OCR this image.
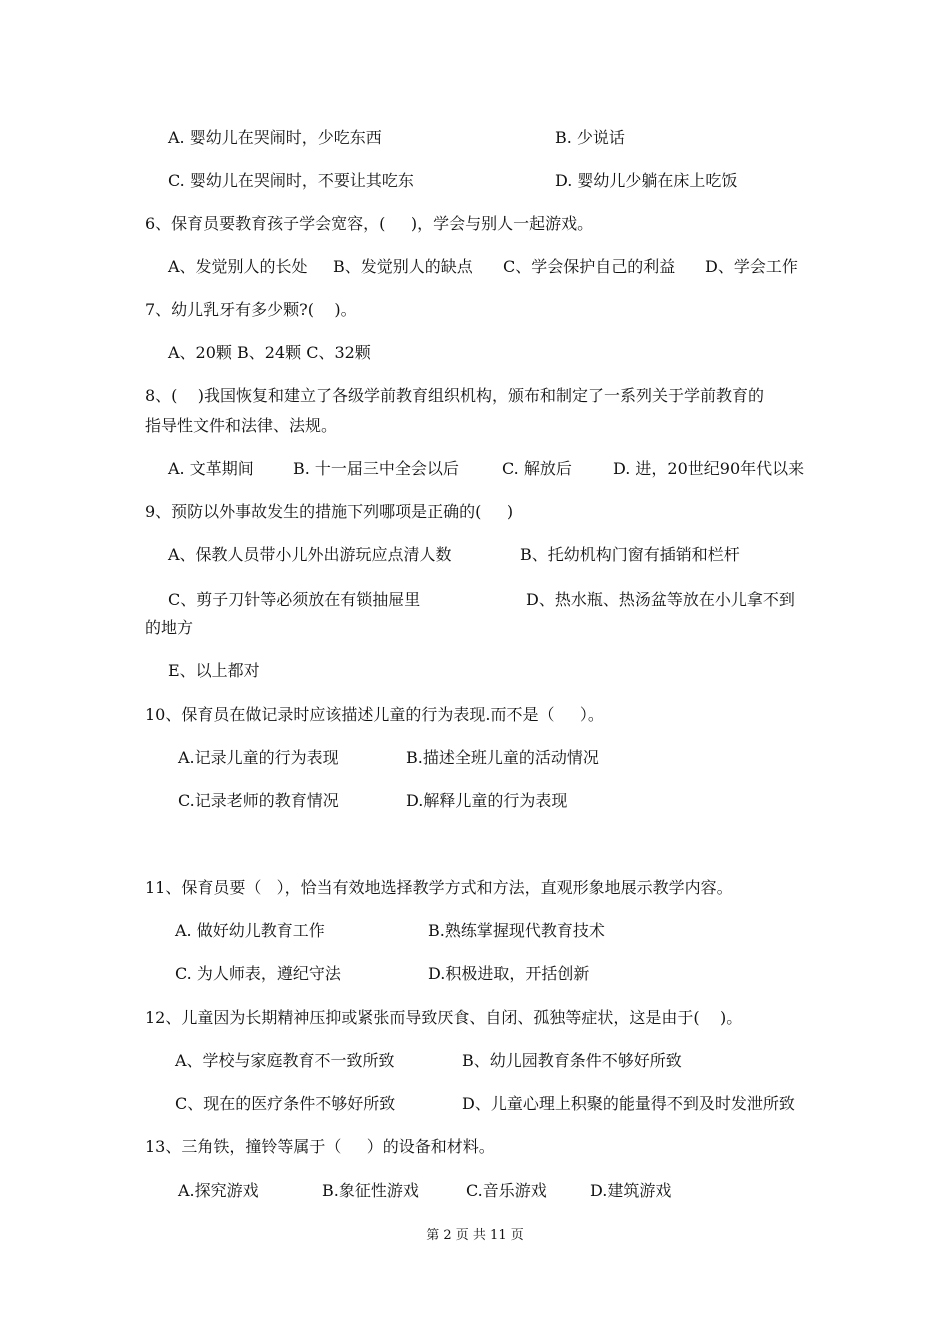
A. 婴幼儿在哭闹时，少吃东西	B. 少说话
C. 婴幼儿在哭闹时，不要让其吃东	D. 婴幼儿少躺在床上吃饭
6、保育员要教育孩子学会宽容，(     )，学会与别人一起游戏。
A、发觉别人的长处 B、发觉别人的缺点 C、学会保护自己的利益 D、学会工作
7、幼儿乳牙有多少颗?(    )。
A、20颗 B、24颗 C、32颗
8、(    )我国恢复和建立了各级学前教育组织机构，颁布和制定了一系列关于学前教育的
指导性文件和法律、法规。
A. 文革期间 B. 十一届三中全会以后	C. 解放后	D. 进，20世纪90年代以来
9、预防以外事故发生的措施下列哪项是正确的(     )
A、保教人员带小儿外出游玩应点清人数	B、托幼机构门窗有插销和栏杆
C、剪子刀针等必须放在有锁抽屉里	D、热水瓶、热汤盆等放在小儿拿不到
的地方
E、以上都对
10、保育员在做记录时应该描述儿童的行为表现.而不是（     ）。
A.记录儿童的行为表现	B.描述全班儿童的活动情况
C.记录老师的教育情况	D.解释儿童的行为表现
11、保育员要（   ），恰当有效地选择教学方式和方法，直观形象地展示教学内容。
A. 做好幼儿教育工作	B.熟练掌握现代教育技术
C. 为人师表，遵纪守法	D.积极进取，开括创新
12、儿童因为长期精神压抑或紧张而导致厌食、自闭、孤独等症状，这是由于(    )。
A、学校与家庭教育不一致所致	B、幼儿园教育条件不够好所致
C、现在的医疗条件不够好所致	D、儿童心理上积聚的能量得不到及时发泄所致
13、三角铁，撞铃等属于（     ）的设备和材料。
A.探究游戏	B.象征性游戏	C.音乐游戏	D.建筑游戏
第 2 页 共 11 页
